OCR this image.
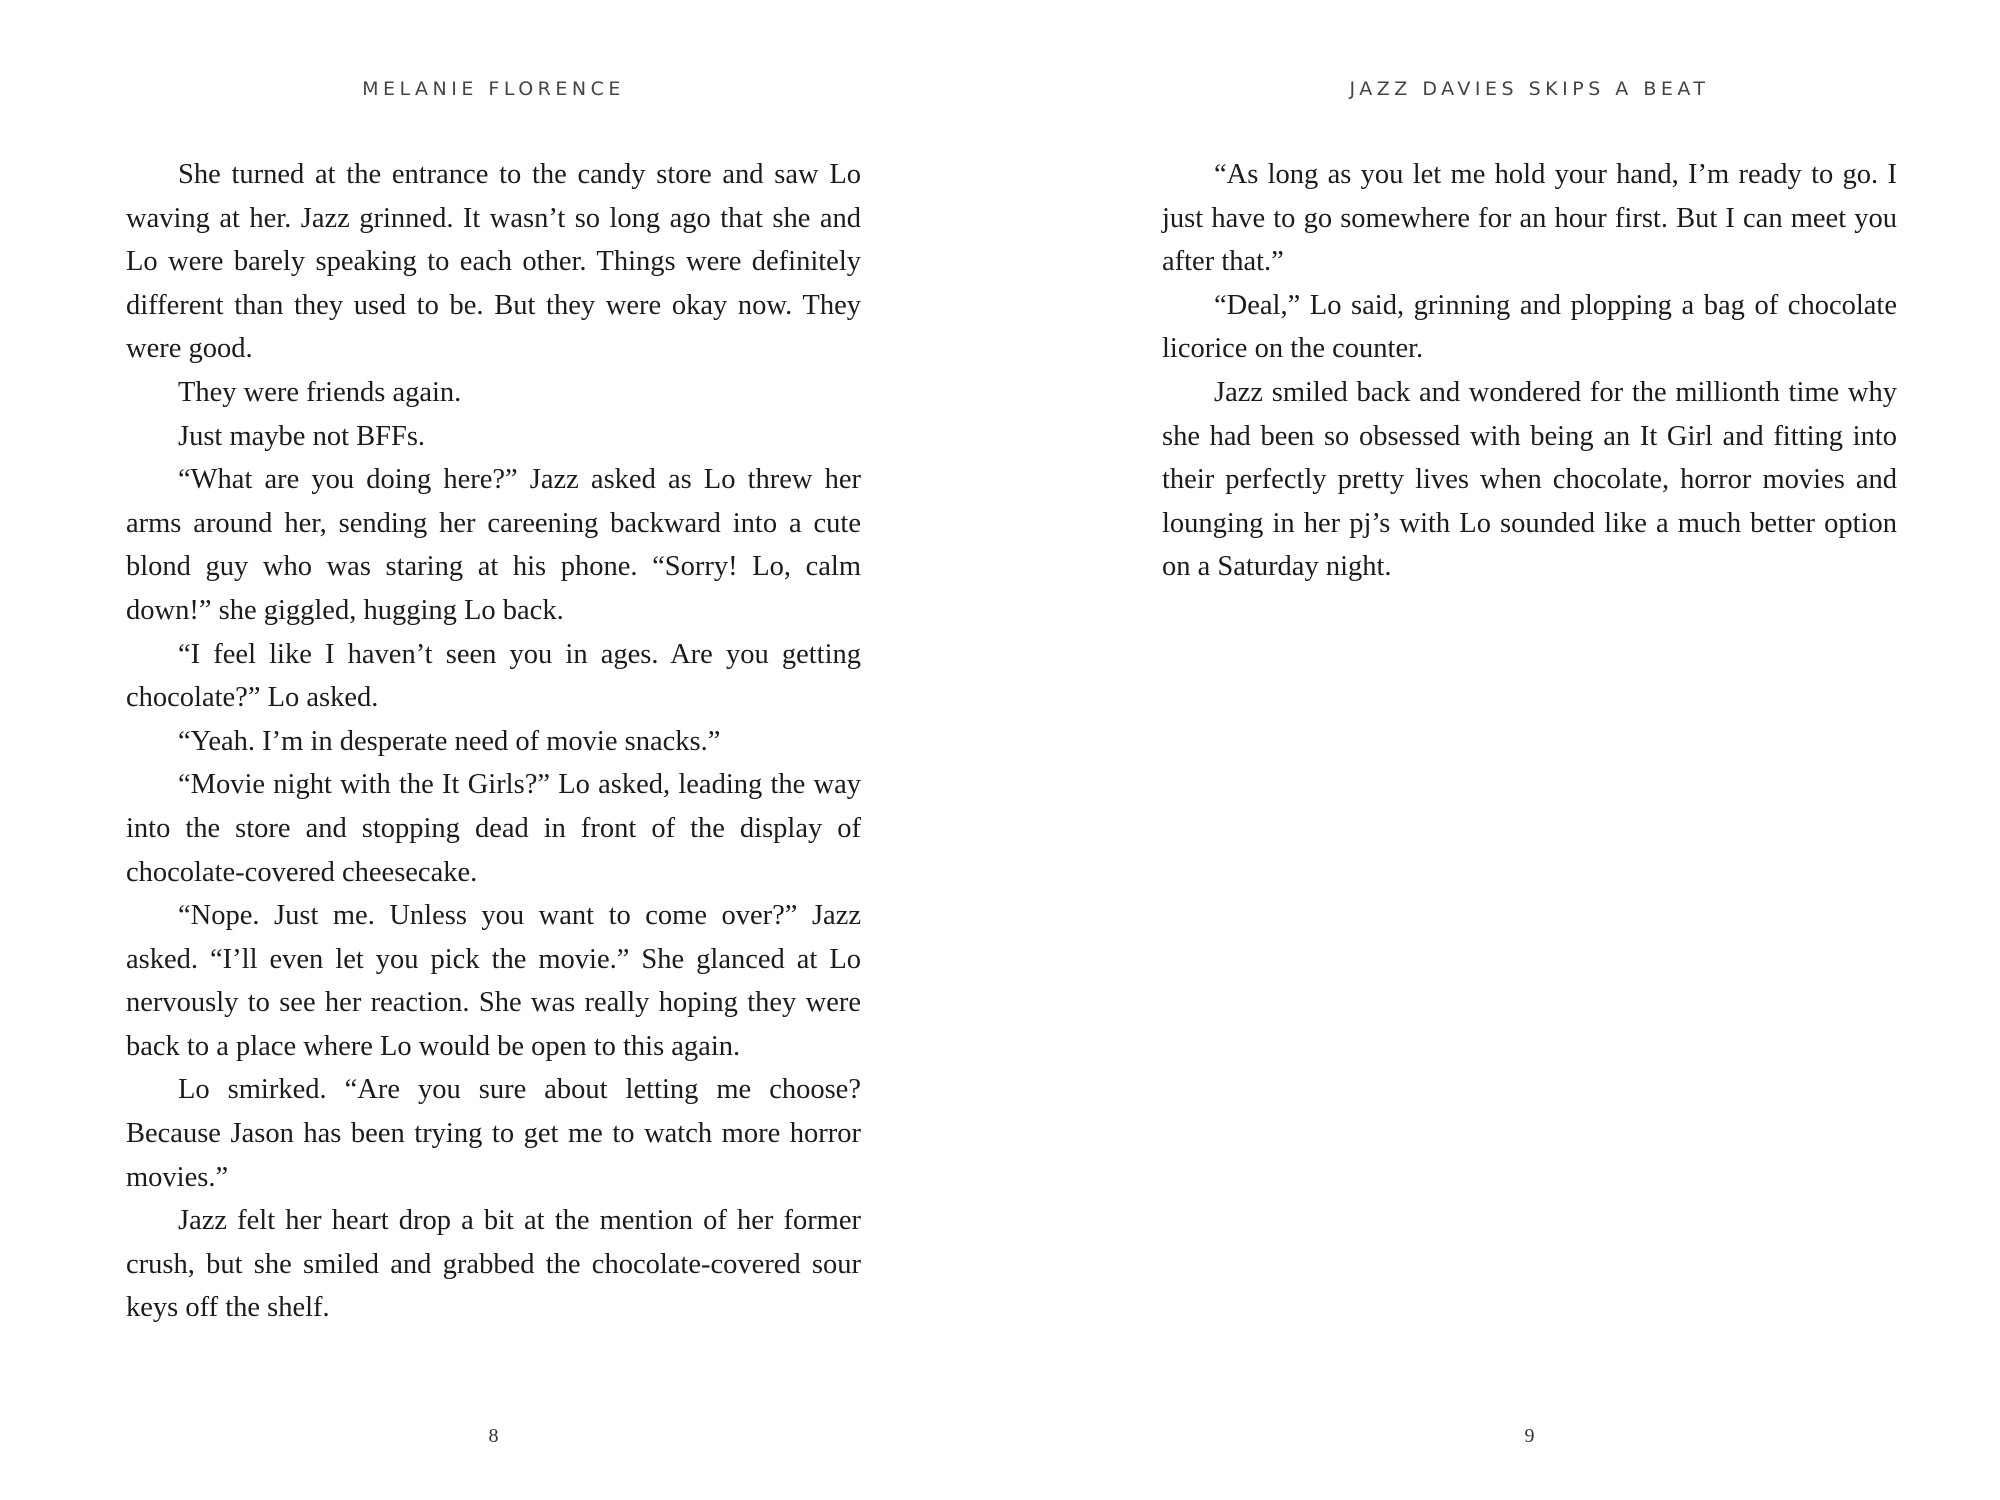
MELANIE FLORENCE

She turned at the entrance to the candy store and saw Lo waving at her. Jazz grinned. It wasn’t so long ago that she and Lo were barely speaking to each other. Things were definitely different than they used to be. But they were okay now. They were good.

They were friends again.

Just maybe not BFFs.

“What are you doing here?” Jazz asked as Lo threw her arms around her, sending her careening backward into a cute blond guy who was staring at his phone. “Sorry! Lo, calm down!” she giggled, hugging Lo back.

“I feel like I haven’t seen you in ages. Are you getting chocolate?” Lo asked.

“Yeah. I’m in desperate need of movie snacks.”

“Movie night with the It Girls?” Lo asked, leading the way into the store and stopping dead in front of the display of chocolate-covered cheesecake.

“Nope. Just me. Unless you want to come over?” Jazz asked. “I’ll even let you pick the movie.” She glanced at Lo nervously to see her reaction. She was really hoping they were back to a place where Lo would be open to this again.

Lo smirked. “Are you sure about letting me choose? Because Jason has been trying to get me to watch more horror movies.”

Jazz felt her heart drop a bit at the mention of her former crush, but she smiled and grabbed the chocolate-covered sour keys off the shelf.

8
JAZZ DAVIES SKIPS A BEAT

“As long as you let me hold your hand, I’m ready to go. I just have to go somewhere for an hour first. But I can meet you after that.”

“Deal,” Lo said, grinning and plopping a bag of chocolate licorice on the counter.

Jazz smiled back and wondered for the millionth time why she had been so obsessed with being an It Girl and fitting into their perfectly pretty lives when chocolate, horror movies and lounging in her pj’s with Lo sounded like a much better option on a Saturday night.

9
